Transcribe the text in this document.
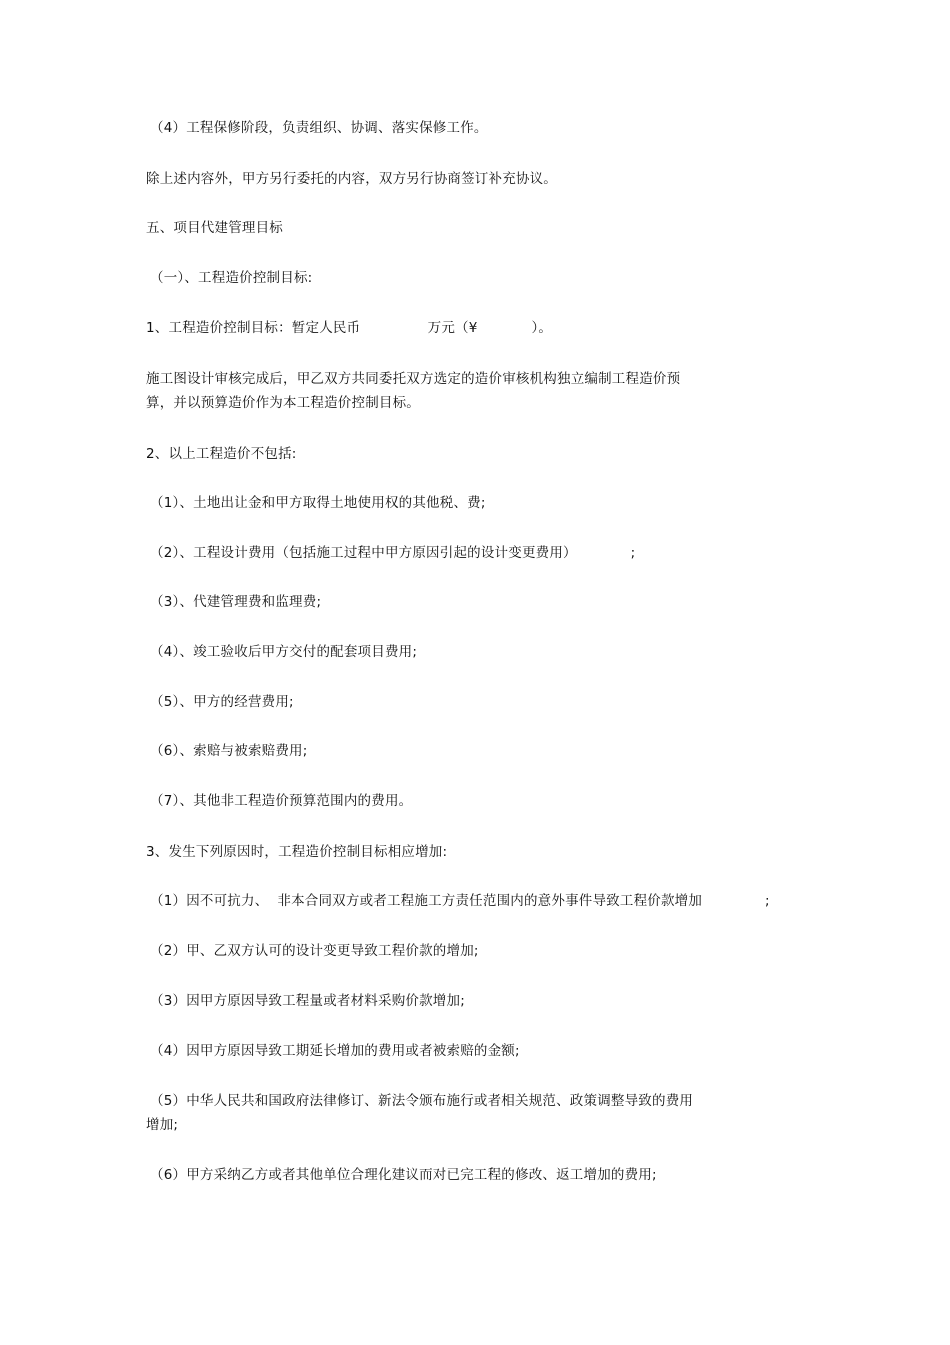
（4）工程保修阶段，负责组织、协调、落实保修工作。
除上述内容外，甲方另行委托的内容，双方另行协商签订补充协议。
五、项目代建管理目标
（一）、工程造价控制目标:
1、工程造价控制目标：暂定人民币               万元（¥            ）。
施工图设计审核完成后，甲乙双方共同委托双方选定的造价审核机构独立编制工程造价预
算，并以预算造价作为本工程造价控制目标。
2、以上工程造价不包括:
（1）、土地出让金和甲方取得土地使用权的其他税、费;
（2）、工程设计费用（包括施工过程中甲方原因引起的设计变更费用）            ;
（3）、代建管理费和监理费;
（4）、竣工验收后甲方交付的配套项目费用;
（5）、甲方的经营费用;
（6）、索赔与被索赔费用;
（7）、其他非工程造价预算范围内的费用。
3、发生下列原因时，工程造价控制目标相应增加:
（1）因不可抗力、  非本合同双方或者工程施工方责任范围内的意外事件导致工程价款增加              ;
（2）甲、乙双方认可的设计变更导致工程价款的增加;
（3）因甲方原因导致工程量或者材料采购价款增加;
（4）因甲方原因导致工期延长增加的费用或者被索赔的金额;
（5）中华人民共和国政府法律修订、新法令颁布施行或者相关规范、政策调整导致的费用
增加;
（6）甲方采纳乙方或者其他单位合理化建议而对已完工程的修改、返工增加的费用;
